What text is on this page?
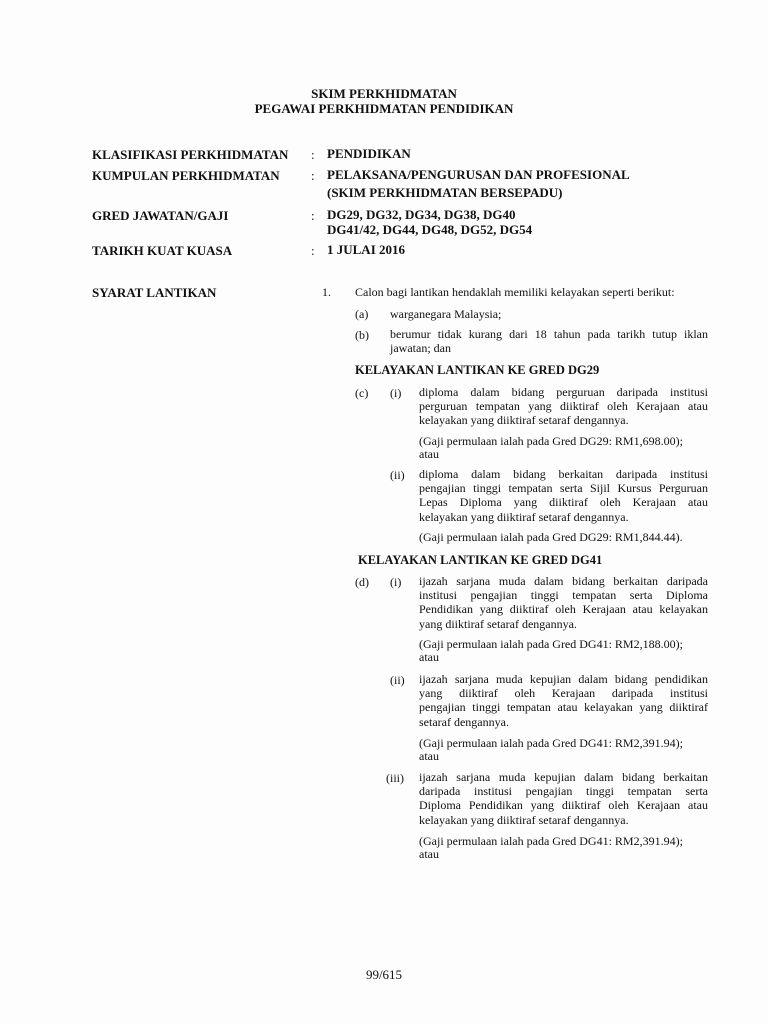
SKIM PERKHIDMATAN
PEGAWAI PERKHIDMATAN PENDIDIKAN
KLASIFIKASI PERKHIDMATAN : PENDIDIKAN
KUMPULAN PERKHIDMATAN : PELAKSANA/PENGURUSAN DAN PROFESIONAL
(SKIM PERKHIDMATAN BERSEPADU)
GRED JAWATAN/GAJI	: DG29, DG32, DG34, DG38, DG40
DG41/42, DG44, DG48, DG52, DG54
TARIKH KUAT KUASA	: 1 JULAI 2016
SYARAT LANTIKAN	1. Calon bagi lantikan hendaklah memiliki kelayakan seperti berikut:
(a) warganegara Malaysia;
(b) berumur tidak kurang dari 18 tahun pada tarikh tutup iklan
jawatan; dan
KELAYAKAN LANTIKAN KE GRED DG29
(c) (i) diploma dalam bidang perguruan daripada institusi
perguruan tempatan yang diiktiraf oleh Kerajaan atau
kelayakan yang diiktiraf setaraf dengannya.
(Gaji permulaan ialah pada Gred DG29: RM1,698.00);
atau
(ii) diploma dalam bidang berkaitan daripada institusi
pengajian tinggi tempatan serta Sijil Kursus Perguruan
Lepas Diploma yang diiktiraf oleh Kerajaan atau
kelayakan yang diiktiraf setaraf dengannya.
(Gaji permulaan ialah pada Gred DG29: RM1,844.44).
KELAYAKAN LANTIKAN KE GRED DG41
(d) (i) ijazah sarjana muda dalam bidang berkaitan daripada
institusi pengajian tinggi tempatan serta Diploma
Pendidikan yang diiktiraf oleh Kerajaan atau kelayakan
yang diiktiraf setaraf dengannya.
(Gaji permulaan ialah pada Gred DG41: RM2,188.00);
atau
(ii) ijazah sarjana muda kepujian dalam bidang pendidikan
yang diiktiraf oleh Kerajaan daripada institusi
pengajian tinggi tempatan atau kelayakan yang diiktiraf
setaraf dengannya.
(Gaji permulaan ialah pada Gred DG41: RM2,391.94);
atau
(iii) ijazah sarjana muda kepujian dalam bidang berkaitan
daripada institusi pengajian tinggi tempatan serta
Diploma Pendidikan yang diiktiraf oleh Kerajaan atau
kelayakan yang diiktiraf setaraf dengannya.
(Gaji permulaan ialah pada Gred DG41: RM2,391.94);
atau
99/615
